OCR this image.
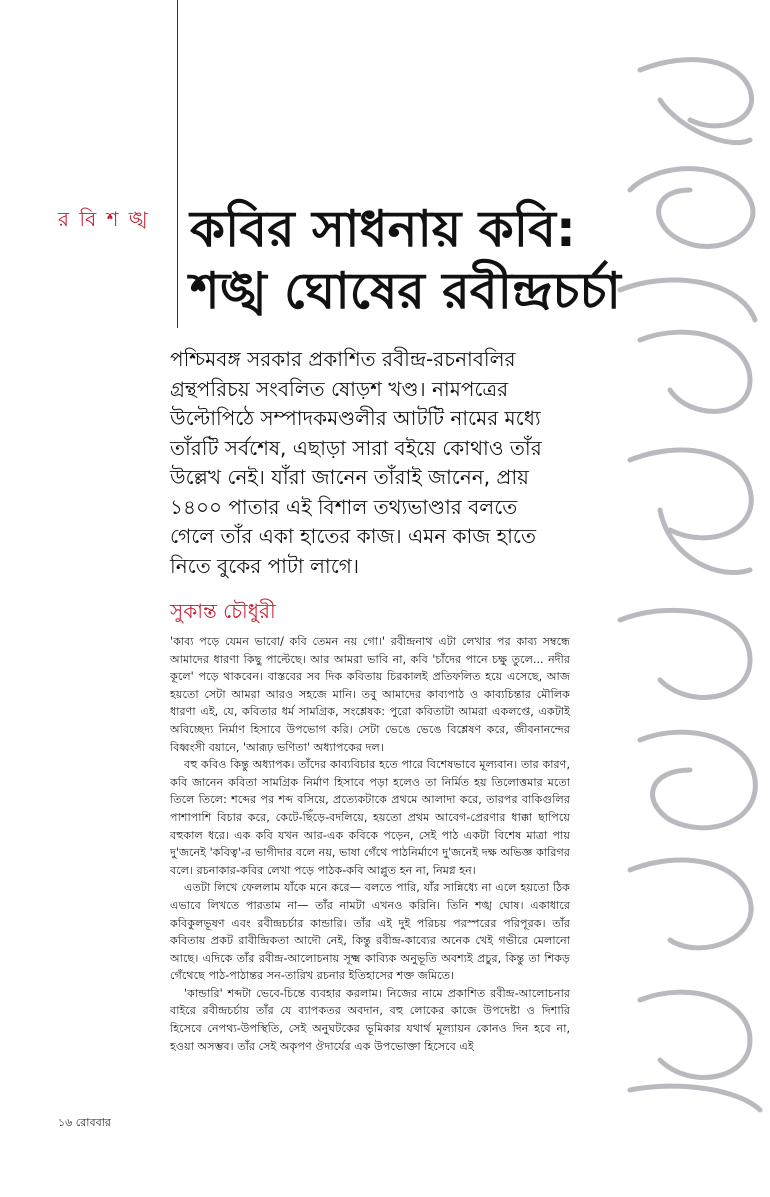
র বি শ ঙ্খ কবির সাধনায় কবি:
শঙ্খ ঘোষের রবীন্দ্রচর্চা
পশ্চিমবঙ্গ সরকার প্রকাশিত রবীন্দ্র-রচনাবলির গ্রন্থপরিচয় সংবলিত ষোড়শ খণ্ড। নামপত্রের উল্টোপিঠে সম্পাদকমণ্ডলীর আটটি নামের মধ্যে তাঁরটি সর্বশেষ, এছাড়া সারা বইয়ে কোথাও তাঁর উল্লেখ নেই। যাঁরা জানেন তাঁরাই জানেন, প্রায় ১৪০০ পাতার এই বিশাল তথ্যভাণ্ডার বলতে গেলে তাঁর একা হাতের কাজ। এমন কাজ হাতে নিতে বুকের পাটা লাগে।
সুকান্ত চৌধুরী

'কাব্য পড়ে যেমন ভাবো/ কবি তেমন নয় গো।' রবীন্দ্রনাথ এটা লেখার পর কাব্য সম্বন্ধে আমাদের ধারণা কিছু পাল্টেছে। আর আমরা ভাবি না, কবি 'চাঁদের পানে চক্ষু তুলে... নদীর কূলে' পড়ে থাকবেন। বাস্তবের সব দিক কবিতায় চিরকালই প্রতিফলিত হয়ে এসেছে, আজ হয়তো সেটা আমরা আরও সহজে মানি। তবু আমাদের কাব্যপাঠ ও কাব্যচিন্তার মৌলিক ধারণা এই, যে, কবিতার ধর্ম সামগ্রিক, সংশ্লেষক: পুরো কবিতাটা আমরা একলপ্তে, একটাই অবিচ্ছেদ্য নির্মাণ হিসাবে উপভোগ করি। সেটা ভেঙে ভেঙে বিশ্লেষণ করে, জীবনানন্দের বিধ্বংসী বয়ানে, 'আরূঢ় ভণিতা' অধ্যাপকের দল।

বহু কবিও কিন্তু অধ্যাপক। তাঁদের কাব্যবিচার হতে পারে বিশেষভাবে মূল্যবান। তার কারণ, কবি জানেন কবিতা সামগ্রিক নির্মাণ হিসাবে পড়া হলেও তা নির্মিত হয় তিলোত্তমার মতো তিলে তিলে: শব্দের পর শব্দ বসিয়ে, প্রত্যেকটাকে প্রথমে আলাদা করে, তারপর বাকিগুলির পাশাপাশি বিচার করে, কেটে-ছিঁড়ে-বদলিয়ে, হয়তো প্রথম আবেগ-প্রেরণার ধাক্কা ছাপিয়ে বহুকাল ধরে। এক কবি যখন আর-এক কবিকে পড়েন, সেই পাঠ একটা বিশেষ মাত্রা পায় দু'জনেই 'কবিত্ব'-র ভাগীদার বলে নয়, ভাষা গেঁথে পাঠনির্মাণে দু'জনেই দক্ষ অভিজ্ঞ কারিগর বলে। রচনাকার-কবির লেখা পড়ে পাঠক-কবি আপ্লুত হন না, নিমগ্ন হন।

এতটা লিখে ফেললাম যাঁকে মনে করে— বলতে পারি, যাঁর সান্নিধ্যে না এলে হয়তো ঠিক এভাবে লিখতে পারতাম না— তাঁর নামটা এখনও করিনি। তিনি শঙ্খ ঘোষ। একাধারে কবিকুলভূষণ এবং রবীন্দ্রচর্চার কান্ডারি। তাঁর এই দুই পরিচয় পরস্পরের পরিপূরক। তাঁর কবিতায় প্রকট রাবীন্দ্রিকতা আদৌ নেই, কিন্তু রবীন্দ্র-কাব্যের অনেক খেই গভীরে মেলানো আছে। এদিকে তাঁর রবীন্দ্র-আলোচনায় সূক্ষ্ম কাব্যিক অনুভূতি অবশ্যই প্রচুর, কিন্তু তা শিকড় গেঁথেছে পাঠ-পাঠান্তর সন-তারিখ রচনার ইতিহাসের শক্ত জমিতে।

'কান্ডারি' শব্দটা ভেবে-চিন্তে ব্যবহার করলাম। নিজের নামে প্রকাশিত রবীন্দ্র-আলোচনার বাইরে রবীন্দ্রচর্চায় তাঁর যে ব্যাপকতর অবদান, বহু লোকের কাজে উপদেষ্টা ও দিশারি হিসেবে নেপথ্য-উপস্থিতি, সেই অনুঘটকের ভূমিকার যথার্থ মূল্যায়ন কোনও দিন হবে না, হওয়া অসম্ভব। তাঁর সেই অকৃপণ ঔদার্যের এক উপভোক্তা হিসেবে এই

১৬ রোববার
